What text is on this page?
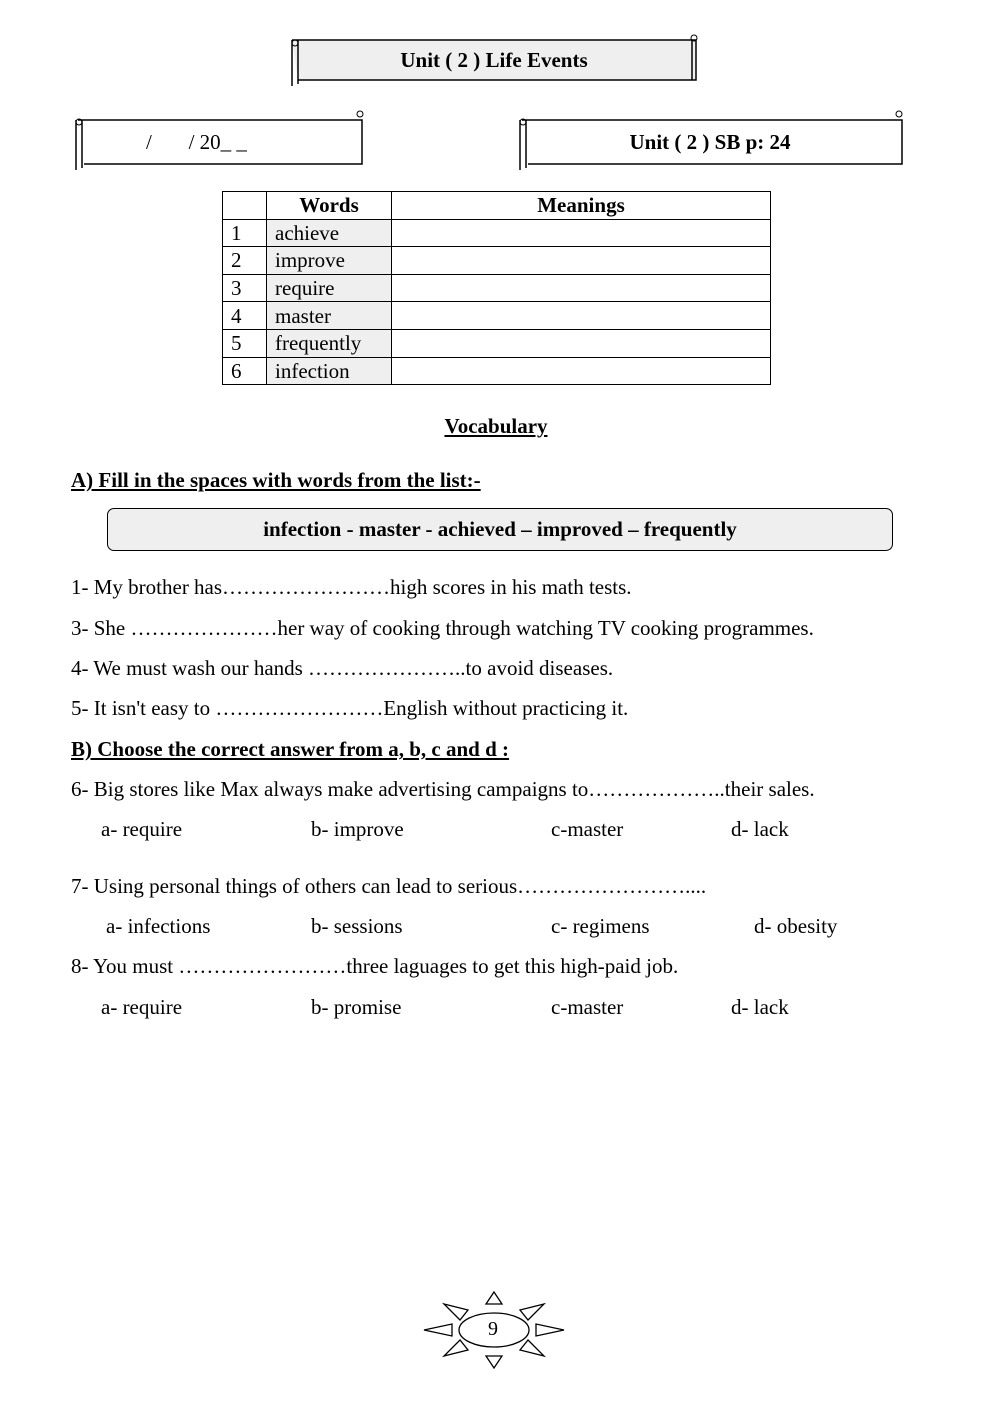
Unit ( 2 ) Life Events
/       / 20_ _	Unit ( 2 ) SB p: 24
	Words	Meanings
1	achieve	
2	improve	
3	require	
4	master	
5	frequently	
6	infection	
Vocabulary
A) Fill in the spaces with words from the list:-
infection - master - achieved – improved – frequently
1- My brother has……………………high scores in his math tests.
3- She …………………her way of cooking through watching TV cooking programmes.
4- We must wash our hands …………………..to avoid diseases.
5- It isn't easy to ……………………English without practicing it.
B) Choose the correct answer from a, b, c and d :
6- Big stores like Max always make advertising campaigns to………………..their sales.
a- require	b- improve	c-master	d- lack
7- Using personal things of others can lead to serious……………………....
a- infections	b- sessions	c- regimens	d- obesity
8- You must ……………………three laguages to get this high-paid job.
a- require	b- promise	c-master	d- lack
9
